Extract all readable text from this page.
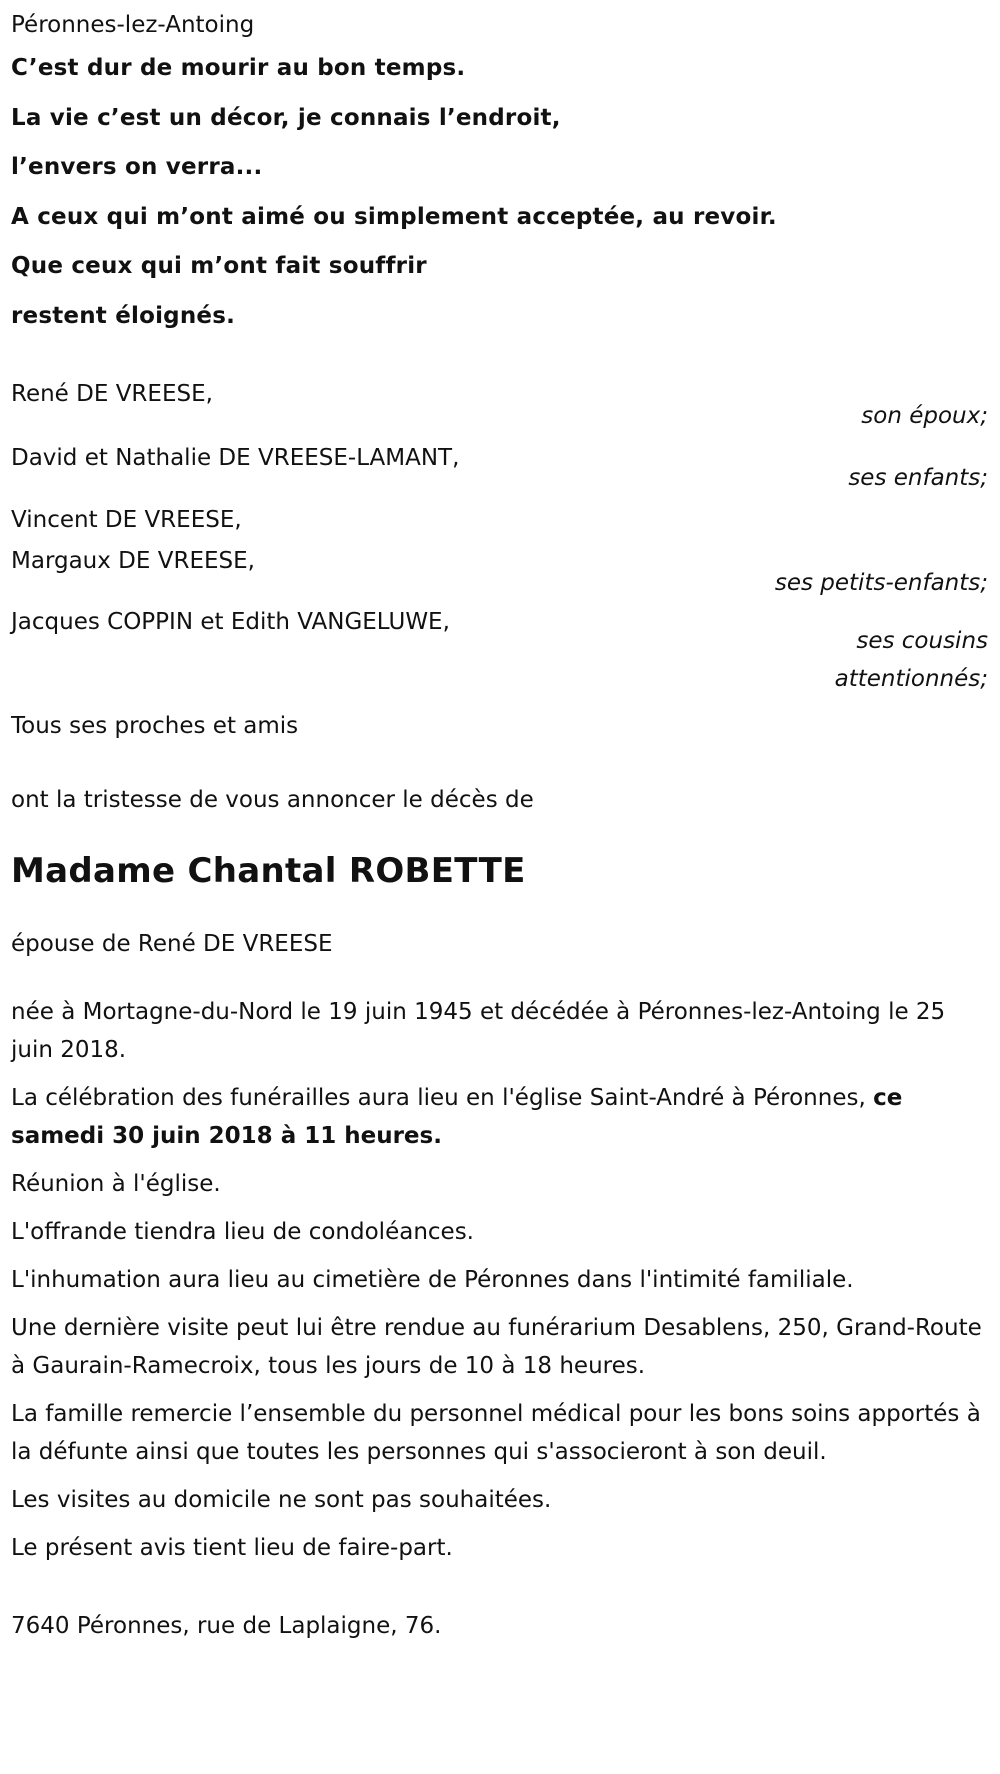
Péronnes-lez-Antoing

C’est dur de mourir au bon temps.

La vie c’est un décor, je connais l’endroit,

l’envers on verra...

A ceux qui m’ont aimé ou simplement acceptée, au revoir.

Que ceux qui m’ont fait souffrir

restent éloignés.

René DE VREESE,

son époux;

David et Nathalie DE VREESE-LAMANT,

ses enfants;

Vincent DE VREESE,

Margaux DE VREESE,

ses petits-enfants;

Jacques COPPIN et Edith VANGELUWE,

ses cousins

attentionnés;

Tous ses proches et amis

ont la tristesse de vous annoncer le décès de

Madame Chantal ROBETTE

épouse de René DE VREESE

née à Mortagne-du-Nord le 19 juin 1945 et décédée à Péronnes-lez-Antoing le 25 juin 2018.

La célébration des funérailles aura lieu en l'église Saint-André à Péronnes, ce samedi 30 juin 2018 à 11 heures.

Réunion à l'église.

L'offrande tiendra lieu de condoléances.

L'inhumation aura lieu au cimetière de Péronnes dans l'intimité familiale.

Une dernière visite peut lui être rendue au funérarium Desablens, 250, Grand-Route à Gaurain-Ramecroix, tous les jours de 10 à 18 heures.

La famille remercie l’ensemble du personnel médical pour les bons soins apportés à la défunte ainsi que toutes les personnes qui s'associeront à son deuil.

Les visites au domicile ne sont pas souhaitées.

Le présent avis tient lieu de faire-part.

7640 Péronnes, rue de Laplaigne, 76.
